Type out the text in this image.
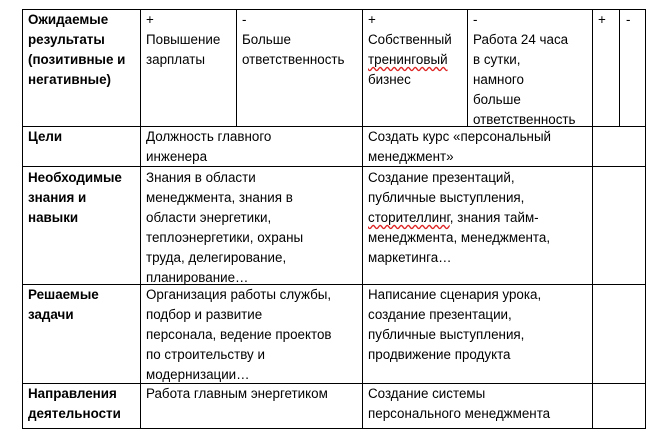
Ожидаемые
результаты
(позитивные и
негативные)
+
Повышение
зарплаты
-
Больше
ответственность
+
Собственный
тренинговый
бизнес
-
Работа 24 часа
в сутки,
намного
больше
ответственность
+ -
Цели	Должность главного
инженера
Создать курс «персональный
менеджмент»
Необходимые
знания и
навыки
Знания в области
менеджмента, знания в
области энергетики,
теплоэнергетики, охраны
труда, делегирование,
планирование…
Создание презентаций,
публичные выступления,
сторителлинг, знания тайм-
менеджмента, менеджмента,
маркетинга…
Решаемые
задачи
Организация работы службы,
подбор и развитие
персонала, ведение проектов
по строительству и
модернизации…
Написание сценария урока,
создание презентации,
публичные выступления,
продвижение продукта
Направления
деятельности
Работа главным энергетиком	Создание системы
персонального менеджмента
